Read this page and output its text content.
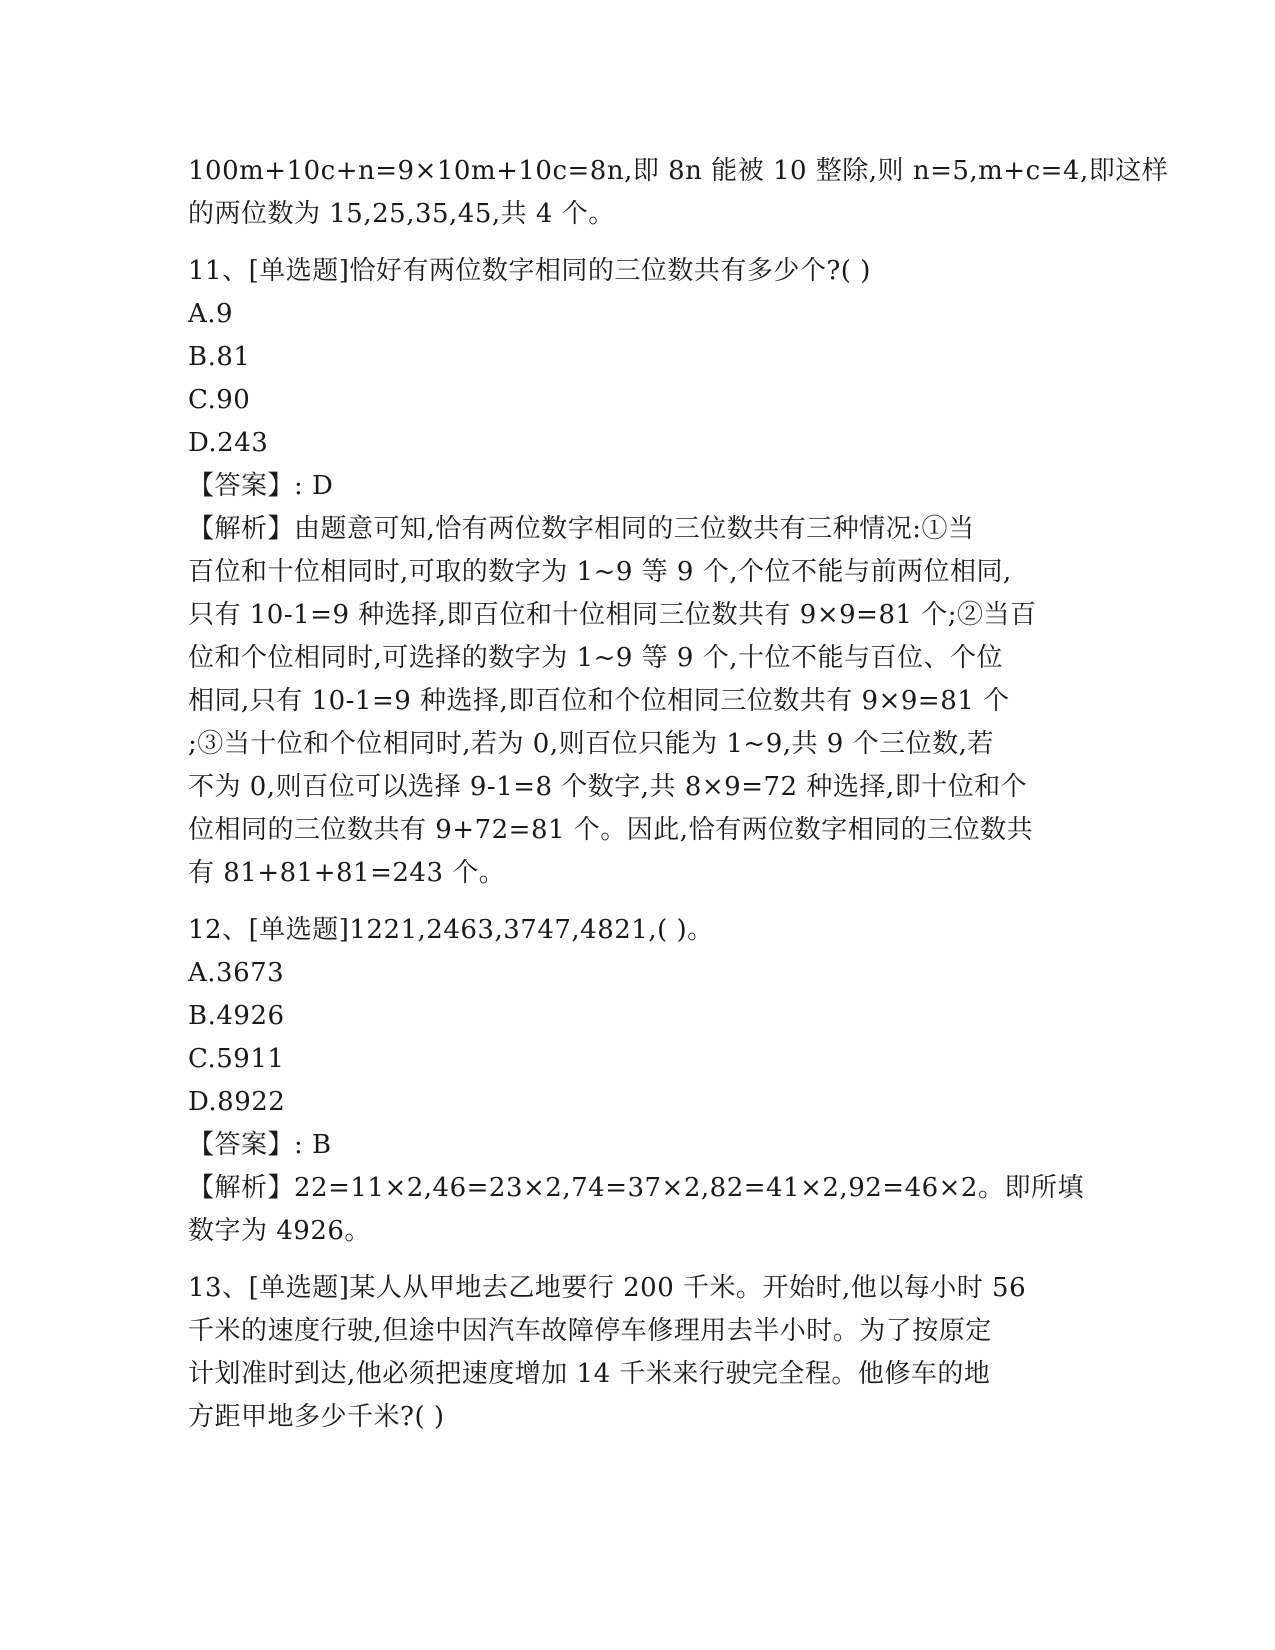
100m+10c+n=9×10m+10c=8n,即 8n 能被 10 整除,则 n=5,m+c=4,即这样
的两位数为 15,25,35,45,共 4 个。
11、[单选题]恰好有两位数字相同的三位数共有多少个?( )
A.9
B.81
C.90
D.243
【答案】: D
【解析】由题意可知,恰有两位数字相同的三位数共有三种情况:①当
百位和十位相同时,可取的数字为 1~9 等 9 个,个位不能与前两位相同,
只有 10-1=9 种选择,即百位和十位相同三位数共有 9×9=81 个;②当百
位和个位相同时,可选择的数字为 1~9 等 9 个,十位不能与百位、个位
相同,只有 10-1=9 种选择,即百位和个位相同三位数共有 9×9=81 个
;③当十位和个位相同时,若为 0,则百位只能为 1~9,共 9 个三位数,若
不为 0,则百位可以选择 9-1=8 个数字,共 8×9=72 种选择,即十位和个
位相同的三位数共有 9+72=81 个。因此,恰有两位数字相同的三位数共
有 81+81+81=243 个。
12、[单选题]1221,2463,3747,4821,( )。
A.3673
B.4926
C.5911
D.8922
【答案】: B
【解析】22=11×2,46=23×2,74=37×2,82=41×2,92=46×2。即所填
数字为 4926。
13、[单选题]某人从甲地去乙地要行 200 千米。开始时,他以每小时 56
千米的速度行驶,但途中因汽车故障停车修理用去半小时。为了按原定
计划准时到达,他必须把速度增加 14 千米来行驶完全程。他修车的地
方距甲地多少千米?( )
